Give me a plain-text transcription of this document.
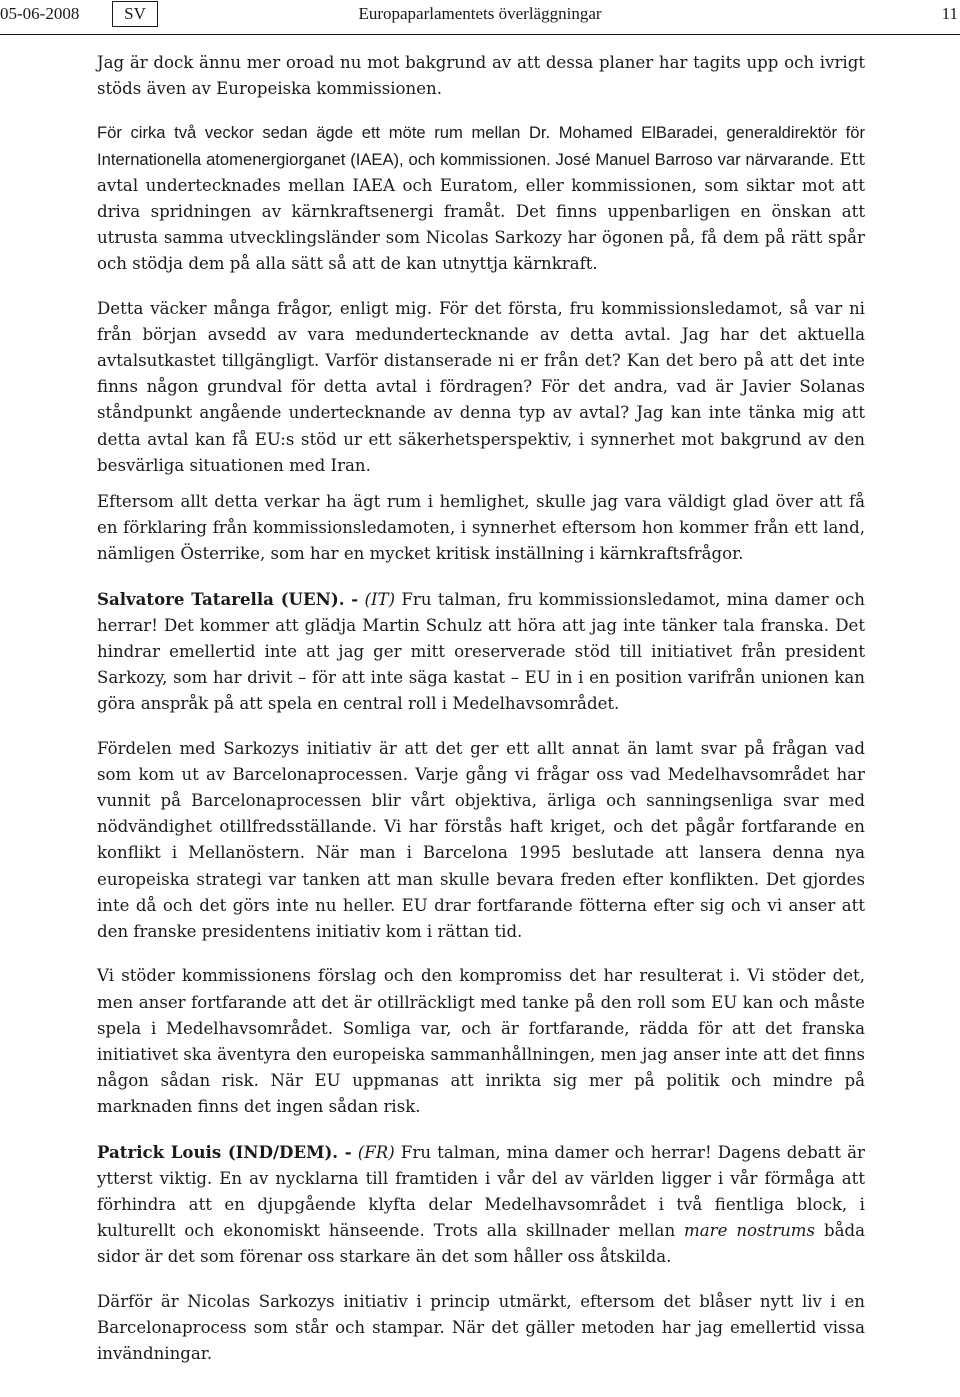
05-06-2008	SV	Europaparlamentets överläggningar	11

Jag är dock ännu mer oroad nu mot bakgrund av att dessa planer har tagits upp och ivrigt stöds även av Europeiska kommissionen.

För cirka två veckor sedan ägde ett möte rum mellan Dr. Mohamed ElBaradei, generaldirektör för Internationella atomenergiorganet (IAEA), och kommissionen. José Manuel Barroso var närvarande. Ett avtal undertecknades mellan IAEA och Euratom, eller kommissionen, som siktar mot att driva spridningen av kärnkraftsenergi framåt. Det finns uppenbarligen en önskan att utrusta samma utvecklingsländer som Nicolas Sarkozy har ögonen på, få dem på rätt spår och stödja dem på alla sätt så att de kan utnyttja kärnkraft.

Detta väcker många frågor, enligt mig. För det första, fru kommissionsledamot, så var ni från början avsedd av vara medundertecknande av detta avtal. Jag har det aktuella avtalsutkastet tillgängligt. Varför distanserade ni er från det? Kan det bero på att det inte finns någon grundval för detta avtal i fördragen? För det andra, vad är Javier Solanas ståndpunkt angående undertecknande av denna typ av avtal? Jag kan inte tänka mig att detta avtal kan få EU:s stöd ur ett säkerhetsperspektiv, i synnerhet mot bakgrund av den besvärliga situationen med Iran.

Eftersom allt detta verkar ha ägt rum i hemlighet, skulle jag vara väldigt glad över att få en förklaring från kommissionsledamoten, i synnerhet eftersom hon kommer från ett land, nämligen Österrike, som har en mycket kritisk inställning i kärnkraftsfrågor.

Salvatore Tatarella (UEN). - (IT) Fru talman, fru kommissionsledamot, mina damer och herrar! Det kommer att glädja Martin Schulz att höra att jag inte tänker tala franska. Det hindrar emellertid inte att jag ger mitt oreserverade stöd till initiativet från president Sarkozy, som har drivit – för att inte säga kastat – EU in i en position varifrån unionen kan göra anspråk på att spela en central roll i Medelhavsområdet.

Fördelen med Sarkozys initiativ är att det ger ett allt annat än lamt svar på frågan vad som kom ut av Barcelonaprocessen. Varje gång vi frågar oss vad Medelhavsområdet har vunnit på Barcelonaprocessen blir vårt objektiva, ärliga och sanningsenliga svar med nödvändighet otillfredsställande. Vi har förstås haft kriget, och det pågår fortfarande en konflikt i Mellanöstern. När man i Barcelona 1995 beslutade att lansera denna nya europeiska strategi var tanken att man skulle bevara freden efter konflikten. Det gjordes inte då och det görs inte nu heller. EU drar fortfarande fötterna efter sig och vi anser att den franske presidentens initiativ kom i rättan tid.

Vi stöder kommissionens förslag och den kompromiss det har resulterat i. Vi stöder det, men anser fortfarande att det är otillräckligt med tanke på den roll som EU kan och måste spela i Medelhavsområdet. Somliga var, och är fortfarande, rädda för att det franska initiativet ska äventyra den europeiska sammanhållningen, men jag anser inte att det finns någon sådan risk. När EU uppmanas att inrikta sig mer på politik och mindre på marknaden finns det ingen sådan risk.

Patrick Louis (IND/DEM). - (FR) Fru talman, mina damer och herrar! Dagens debatt är ytterst viktig. En av nycklarna till framtiden i vår del av världen ligger i vår förmåga att förhindra att en djupgående klyfta delar Medelhavsområdet i två fientliga block, i kulturellt och ekonomiskt hänseende. Trots alla skillnader mellan mare nostrums båda sidor är det som förenar oss starkare än det som håller oss åtskilda.

Därför är Nicolas Sarkozys initiativ i princip utmärkt, eftersom det blåser nytt liv i en Barcelonaprocess som står och stampar. När det gäller metoden har jag emellertid vissa invändningar.
